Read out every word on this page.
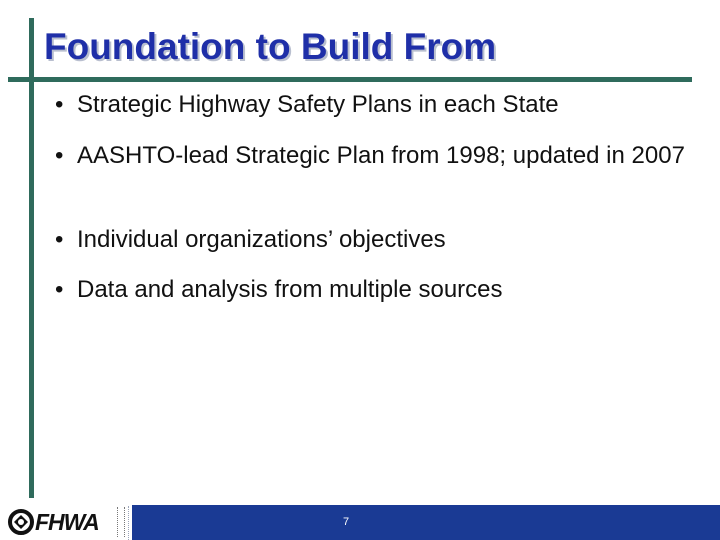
Foundation to Build From
• Strategic Highway Safety Plans in each State
• AASHTO-lead Strategic Plan from 1998; updated in 2007
• Individual organizations’ objectives
• Data and analysis from multiple sources
FHWA	7
